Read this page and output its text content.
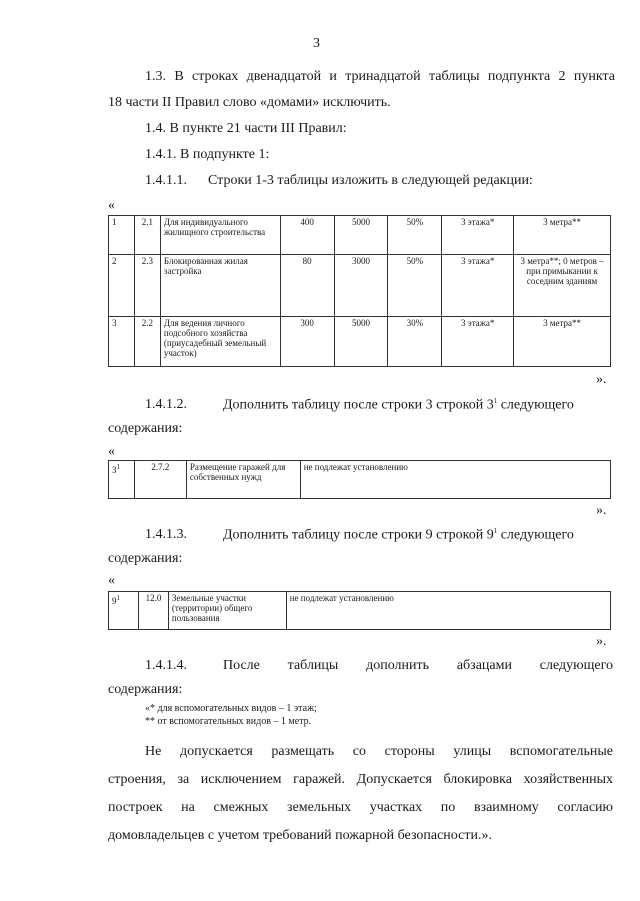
3
1.3. В строках двенадцатой и тринадцатой таблицы подпункта 2 пункта
18 части II Правил слово «домами» исключить.
1.4. В пункте 21 части III Правил:
1.4.1. В подпункте 1:
1.4.1.1. Строки 1-3 таблицы изложить в следующей редакции:
«
1	2.1	Для индивидуального жилищного строительства	400	5000	50%	3 этажа*	3 метра**
2	2.3	Блокированная жилая застройка	80	3000	50%	3 этажа*	3 метра**; 0 метров – при примыкании к соседним зданиям
3	2.2	Для ведения личного подсобного хозяйства (приусадебный земельный участок)	300	5000	30%	3 этажа*	3 метра**
».
1.4.1.2.	Дополнить таблицу после строки 3 строкой $3^1$ следующего
содержания:
«
$3^1$	2.7.2	Размещение гаражей для собственных нужд	не подлежат установлению
».
1.4.1.3.	Дополнить таблицу после строки 9 строкой $9^1$ следующего
содержания:
«
$9^1$	12.0	Земельные участки (территории) общего пользования	не подлежат установлению
».
1.4.1.4.	После таблицы дополнить абзацами следующего
содержания:
«* для вспомогательных видов – 1 этаж;
** от вспомогательных видов – 1 метр.
Не допускается размещать со стороны улицы вспомогательные
строения, за исключением гаражей. Допускается блокировка хозяйственных
построек на смежных земельных участках по взаимному согласию
домовладельцев с учетом требований пожарной безопасности.».
